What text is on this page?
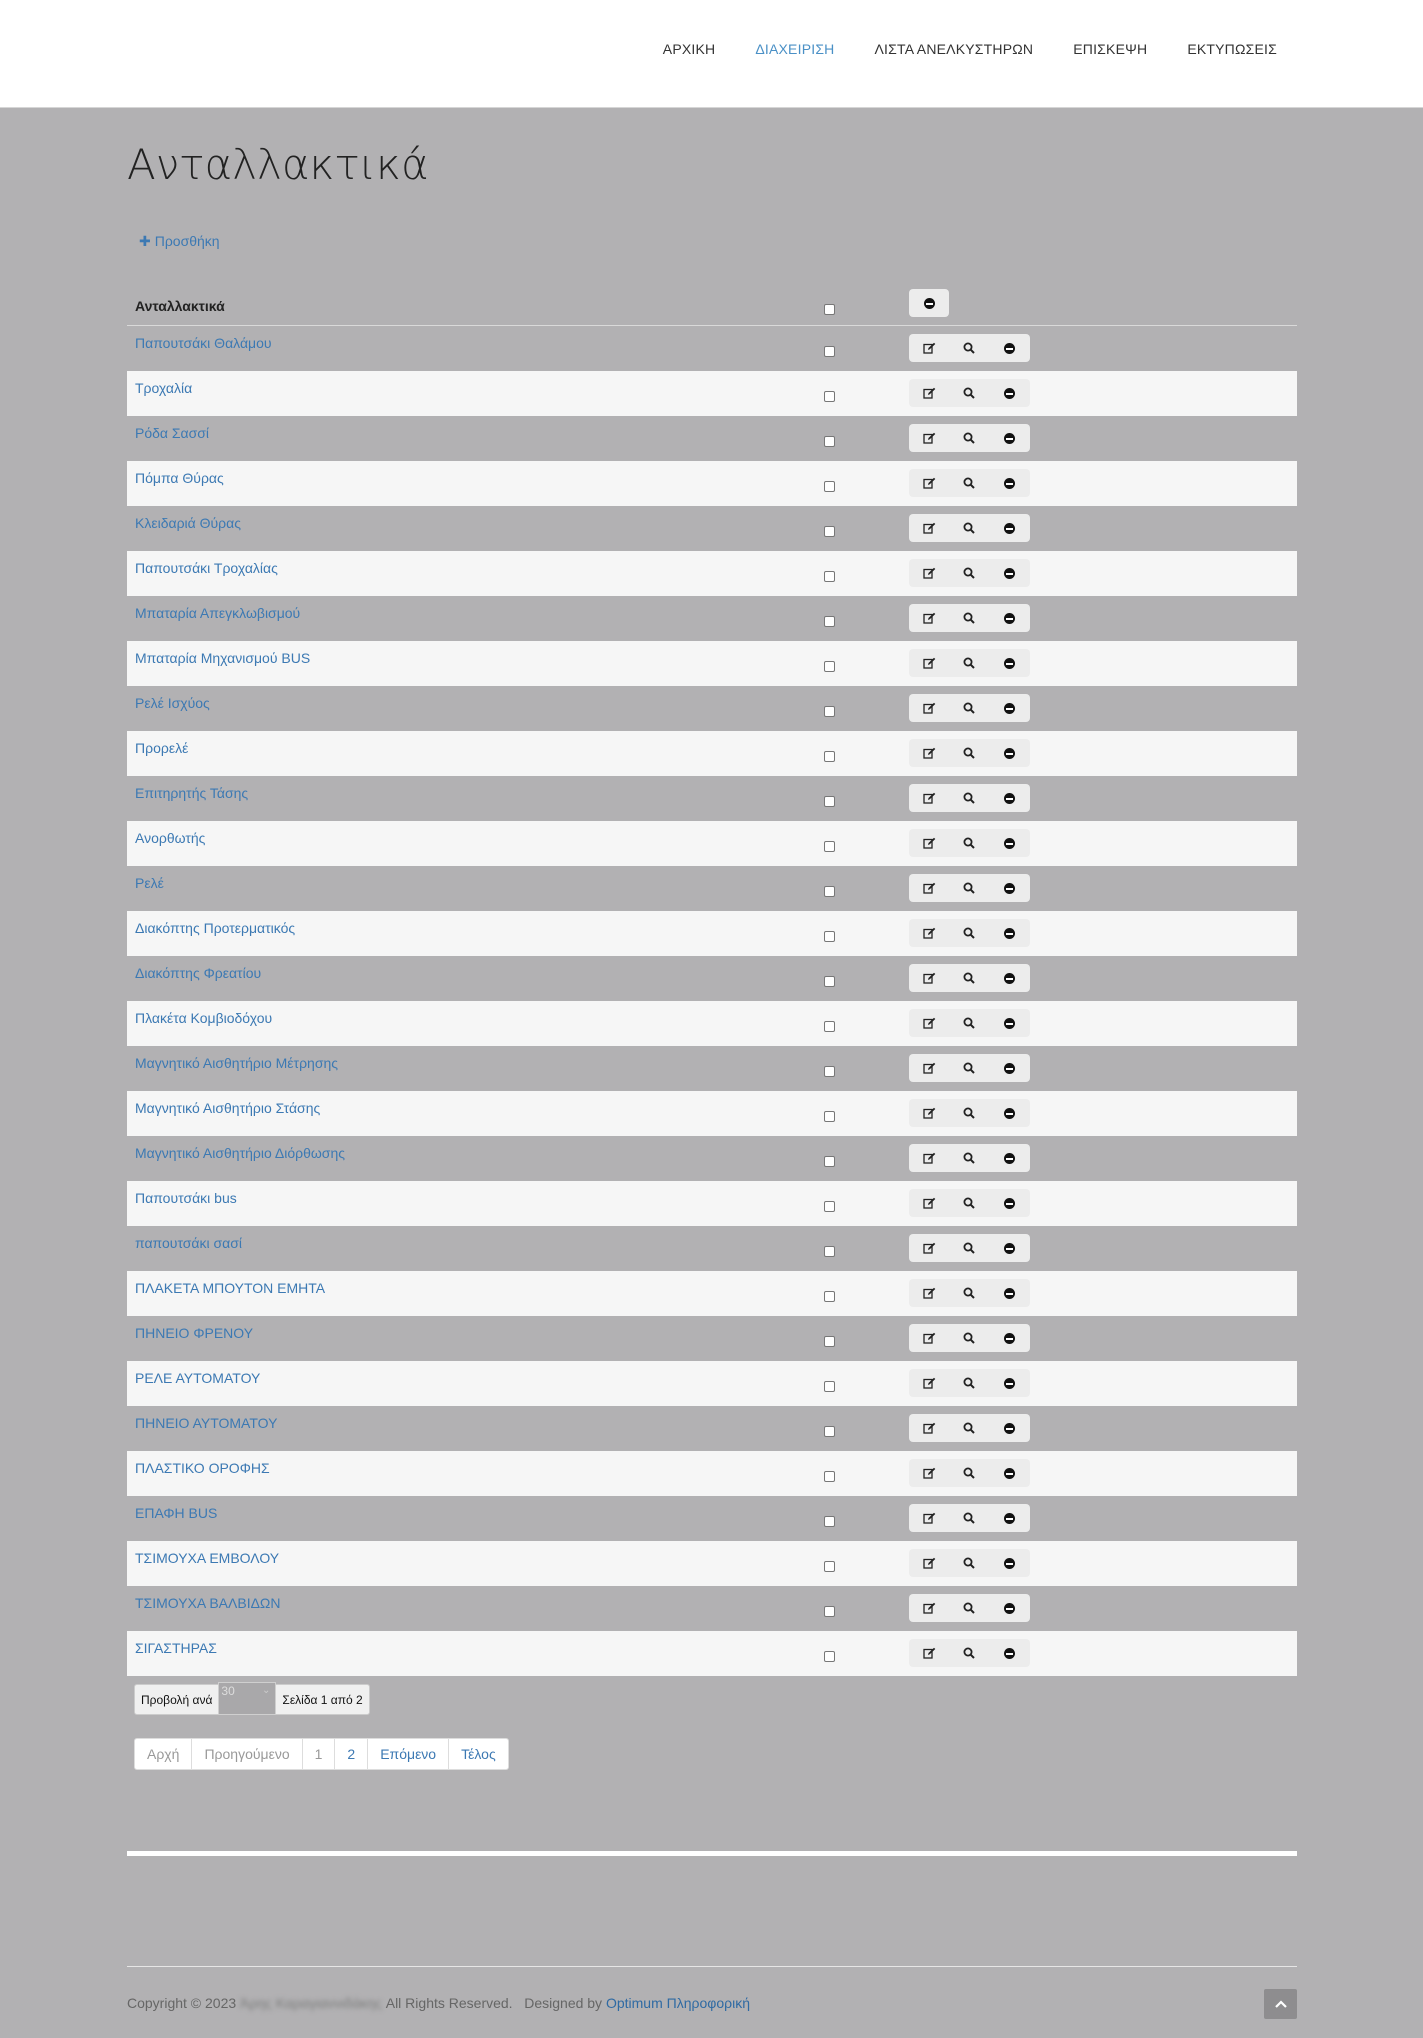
ΑΡΧΙΚΗ	ΔΙΑΧΕΙΡΙΣΗ	ΛΙΣΤΑ ΑΝΕΛΚΥΣΤΗΡΩΝ	ΕΠΙΣΚΕΨΗ	ΕΚΤΥΠΩΣΕΙΣ
Ανταλλακτικά
✚ Προσθήκη
Ανταλλακτικά
Παπουτσάκι Θαλάμου
Τροχαλία
Ρόδα Σασσί
Πόμπα Θύρας
Κλειδαριά Θύρας
Παπουτσάκι Τροχαλίας
Μπαταρία Απεγκλωβισμού
Μπαταρία Μηχανισμού BUS
Ρελέ Ισχύος
Προρελέ
Επιτηρητής Τάσης
Ανορθωτής
Ρελέ
Διακόπτης Προτερματικός
Διακόπτης Φρεατίου
Πλακέτα Κομβιοδόχου
Μαγνητικό Αισθητήριο Μέτρησης
Μαγνητικό Αισθητήριο Στάσης
Μαγνητικό Αισθητήριο Διόρθωσης
Παπουτσάκι bus
παπουτσάκι σασί
ΠΛΑΚΕΤΑ ΜΠΟΥΤΟΝ ΕΜΗΤΑ
ΠΗΝΕΙΟ ΦΡΕΝΟΥ
ΡΕΛΕ ΑΥΤΟΜΑΤΟΥ
ΠΗΝΕΙΟ ΑΥΤΟΜΑΤΟΥ
ΠΛΑΣΤΙΚΟ ΟΡΟΦΗΣ
ΕΠΑΦΗ BUS
ΤΣΙΜΟΥΧΑ ΕΜΒΟΛΟΥ
ΤΣΙΜΟΥΧΑ ΒΑΛΒΙΔΩΝ
ΣΙΓΑΣΤΗΡΑΣ
Προβολή ανά
30	⌄
Σελίδα 1 από 2
Αρχή	Προηγούμενο	1	2	Επόμενο	Τέλος
Copyright © 2023 Άρης Καραγιαννιδάκης All Rights Reserved. Designed by Optimum Πληροφορική
